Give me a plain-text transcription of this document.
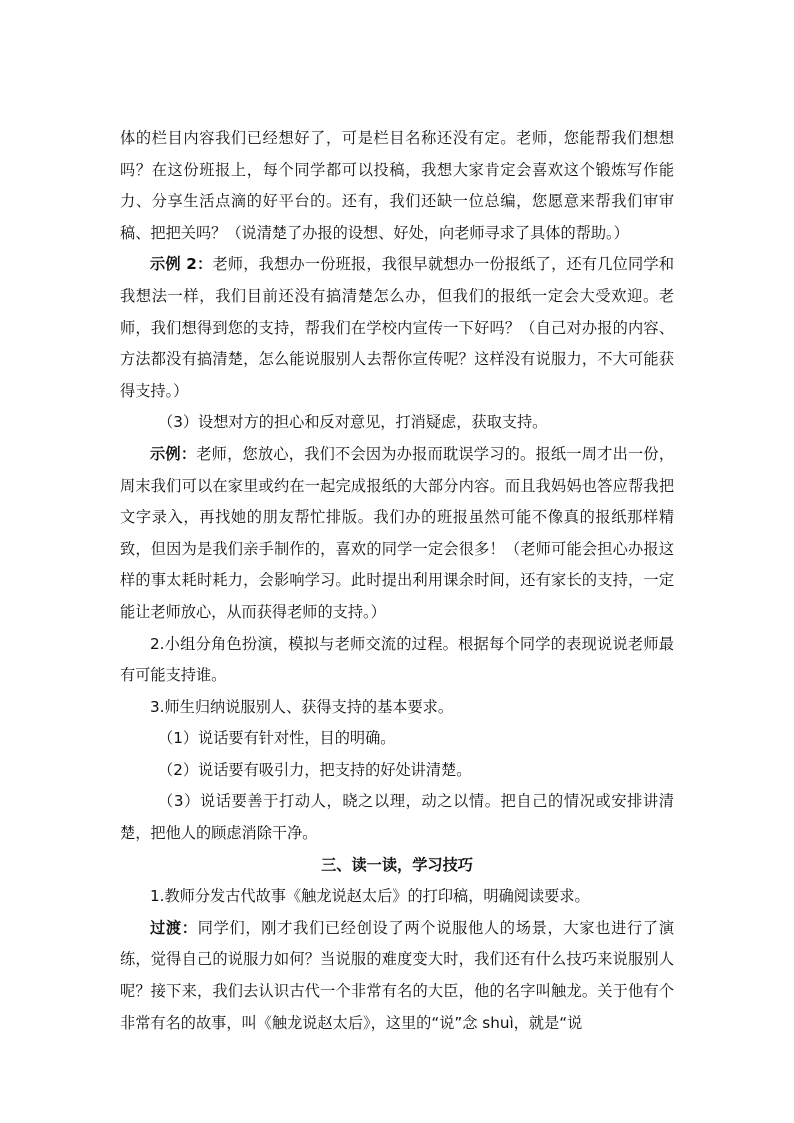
体的栏目内容我们已经想好了，可是栏目名称还没有定。老师，您能帮我们想想吗？在这份班报上，每个同学都可以投稿，我想大家肯定会喜欢这个锻炼写作能力、分享生活点滴的好平台的。还有，我们还缺一位总编，您愿意来帮我们审审稿、把把关吗？（说清楚了办报的设想、好处，向老师寻求了具体的帮助。）

示例 2：老师，我想办一份班报，我很早就想办一份报纸了，还有几位同学和我想法一样，我们目前还没有搞清楚怎么办，但我们的报纸一定会大受欢迎。老师，我们想得到您的支持，帮我们在学校内宣传一下好吗？（自己对办报的内容、方法都没有搞清楚，怎么能说服别人去帮你宣传呢？这样没有说服力，不大可能获得支持。）

（3）设想对方的担心和反对意见，打消疑虑，获取支持。

示例：老师，您放心，我们不会因为办报而耽误学习的。报纸一周才出一份，周末我们可以在家里或约在一起完成报纸的大部分内容。而且我妈妈也答应帮我把文字录入，再找她的朋友帮忙排版。我们办的班报虽然可能不像真的报纸那样精致，但因为是我们亲手制作的，喜欢的同学一定会很多！（老师可能会担心办报这样的事太耗时耗力，会影响学习。此时提出利用课余时间，还有家长的支持，一定能让老师放心，从而获得老师的支持。）

2.小组分角色扮演，模拟与老师交流的过程。根据每个同学的表现说说老师最有可能支持谁。

3.师生归纳说服别人、获得支持的基本要求。

（1）说话要有针对性，目的明确。

（2）说话要有吸引力，把支持的好处讲清楚。

（3）说话要善于打动人，晓之以理，动之以情。把自己的情况或安排讲清楚，把他人的顾虑消除干净。

三、读一读，学习技巧

1.教师分发古代故事《触龙说赵太后》的打印稿，明确阅读要求。

过渡：同学们，刚才我们已经创设了两个说服他人的场景，大家也进行了演练，觉得自己的说服力如何？当说服的难度变大时，我们还有什么技巧来说服别人呢？接下来，我们去认识古代一个非常有名的大臣，他的名字叫触龙。关于他有个非常有名的故事，叫《触龙说赵太后》，这里的“说”念 shuì，就是“说
